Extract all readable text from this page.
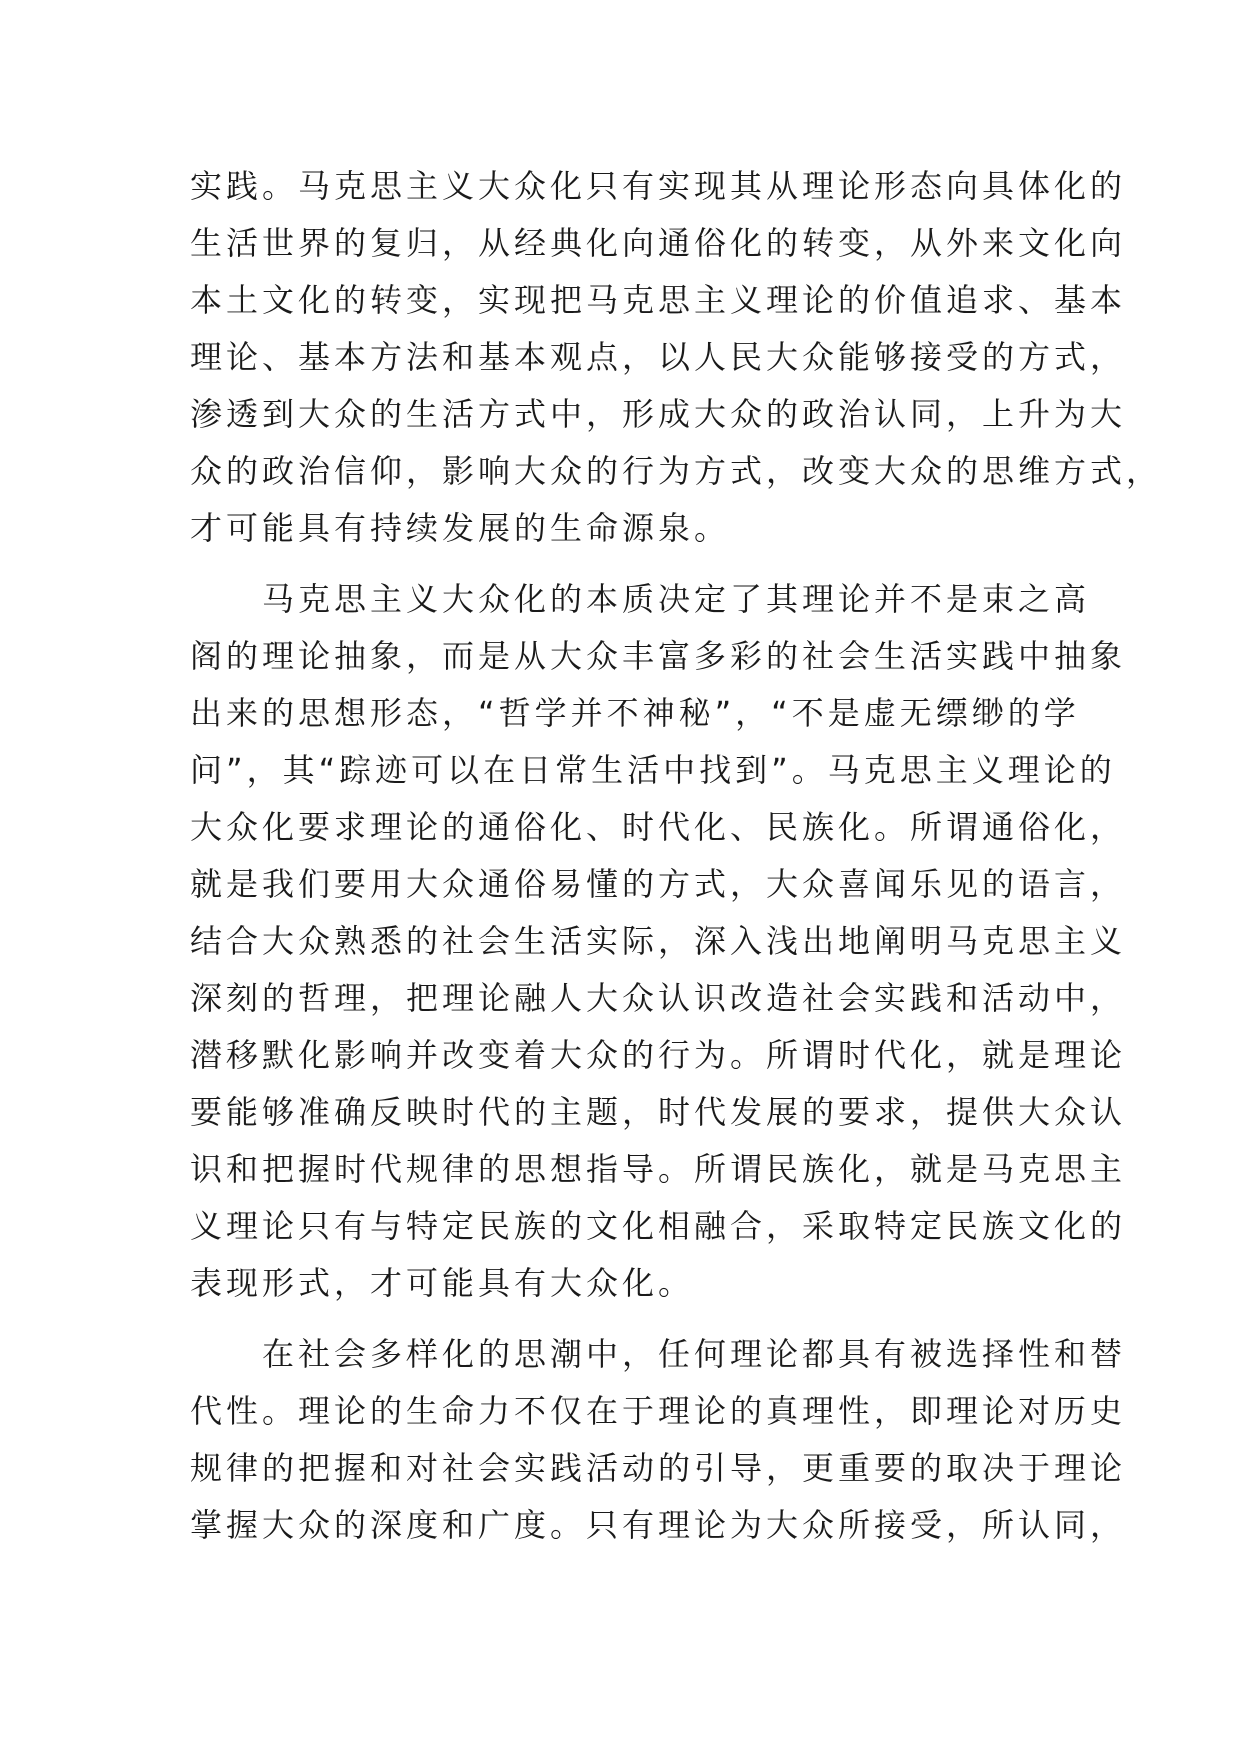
实践。马克思主义大众化只有实现其从理论形态向具体化的
生活世界的复归，从经典化向通俗化的转变，从外来文化向
本土文化的转变，实现把马克思主义理论的价值追求、基本
理论、基本方法和基本观点，以人民大众能够接受的方式，
渗透到大众的生活方式中，形成大众的政治认同，上升为大
众的政治信仰，影响大众的行为方式，改变大众的思维方式，
才可能具有持续发展的生命源泉。
　　马克思主义大众化的本质决定了其理论并不是束之高
阁的理论抽象，而是从大众丰富多彩的社会生活实践中抽象
出来的思想形态，“哲学并不神秘”，“不是虚无缥缈的学
问”，其“踪迹可以在日常生活中找到”。马克思主义理论的
大众化要求理论的通俗化、时代化、民族化。所谓通俗化，
就是我们要用大众通俗易懂的方式，大众喜闻乐见的语言，
结合大众熟悉的社会生活实际，深入浅出地阐明马克思主义
深刻的哲理，把理论融人大众认识改造社会实践和活动中，
潜移默化影响并改变着大众的行为。所谓时代化，就是理论
要能够准确反映时代的主题，时代发展的要求，提供大众认
识和把握时代规律的思想指导。所谓民族化，就是马克思主
义理论只有与特定民族的文化相融合，采取特定民族文化的
表现形式，才可能具有大众化。
　　在社会多样化的思潮中，任何理论都具有被选择性和替
代性。理论的生命力不仅在于理论的真理性，即理论对历史
规律的把握和对社会实践活动的引导，更重要的取决于理论
掌握大众的深度和广度。只有理论为大众所接受，所认同，
